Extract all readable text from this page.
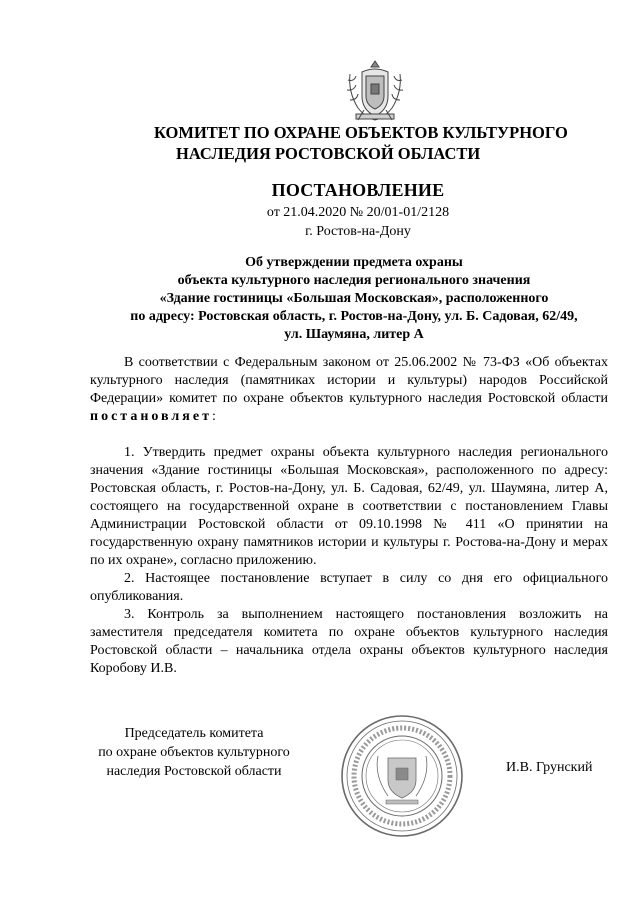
КОМИТЕТ ПО ОХРАНЕ ОБЪЕКТОВ КУЛЬТУРНОГО
НАСЛЕДИЯ РОСТОВСКОЙ ОБЛАСТИ
ПОСТАНОВЛЕНИЕ
от 21.04.2020 № 20/01-01/2128
г. Ростов-на-Дону
Об утверждении предмета охраны
объекта культурного наследия регионального значения
«Здание гостиницы «Большая Московская», расположенного
по адресу: Ростовская область, г. Ростов-на-Дону, ул. Б. Садовая, 62/49,
ул. Шаумяна, литер А

В соответствии с Федеральным законом от 25.06.2002 № 73-ФЗ «Об объектах культурного наследия (памятниках истории и культуры) народов Российской Федерации» комитет по охране объектов культурного наследия Ростовской области постановляет:

1. Утвердить предмет охраны объекта культурного наследия регионального значения «Здание гостиницы «Большая Московская», расположенного по адресу: Ростовская область, г. Ростов-на-Дону, ул. Б. Садовая, 62/49, ул. Шаумяна, литер А, состоящего на государственной охране в соответствии с постановлением Главы Администрации Ростовской области от 09.10.1998 № 411 «О принятии на государственную охрану памятников истории и культуры г. Ростова-на-Дону и мерах по их охране», согласно приложению.

2. Настоящее постановление вступает в силу со дня его официального опубликования.

3. Контроль за выполнением настоящего постановления возложить на заместителя председателя комитета по охране объектов культурного наследия Ростовской области – начальника отдела охраны объектов культурного наследия Коробову И.В.

Председатель комитета
по охране объектов культурного
наследия Ростовской области	И.В. Грунский
